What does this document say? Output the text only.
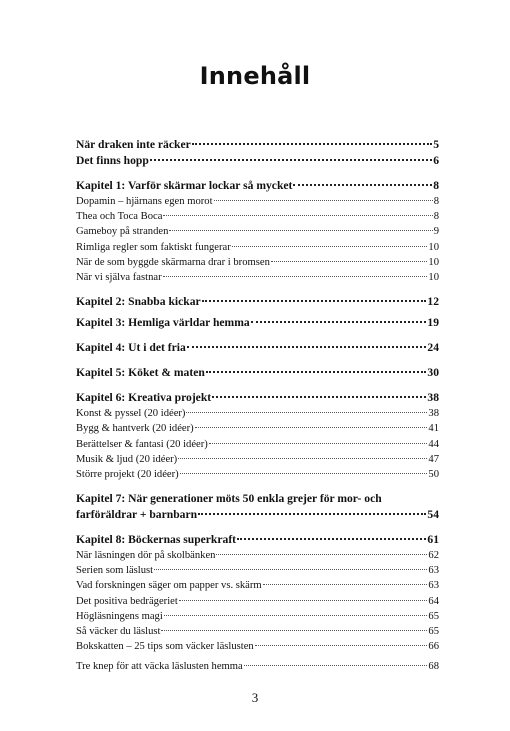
Innehåll
När draken inte räcker	5
Det finns hopp	6
Kapitel 1: Varför skärmar lockar så mycket	8
Dopamin – hjärnans egen morot	8
Thea och Toca Boca	8
Gameboy på stranden	9
Rimliga regler som faktiskt fungerar	10
När de som byggde skärmarna drar i bromsen	10
När vi själva fastnar	10
Kapitel 2: Snabba kickar	12
Kapitel 3: Hemliga världar hemma	19
Kapitel 4: Ut i det fria	24
Kapitel 5: Köket & maten	30
Kapitel 6: Kreativa projekt	38
Konst & pyssel (20 idéer)	38
Bygg & hantverk (20 idéer)	41
Berättelser & fantasi (20 idéer)	44
Musik & ljud (20 idéer)	47
Större projekt (20 idéer)	50
Kapitel 7: När generationer möts 50 enkla grejer för mor- och
farföräldrar + barnbarn	54
Kapitel 8: Böckernas superkraft	61
När läsningen dör på skolbänken	62
Serien som läslust	63
Vad forskningen säger om papper vs. skärm	63
Det positiva bedrägeriet	64
Högläsningens magi	65
Så väcker du läslust	65
Bokskatten – 25 tips som väcker läslusten	66
Tre knep för att väcka läslusten hemma	68
3
